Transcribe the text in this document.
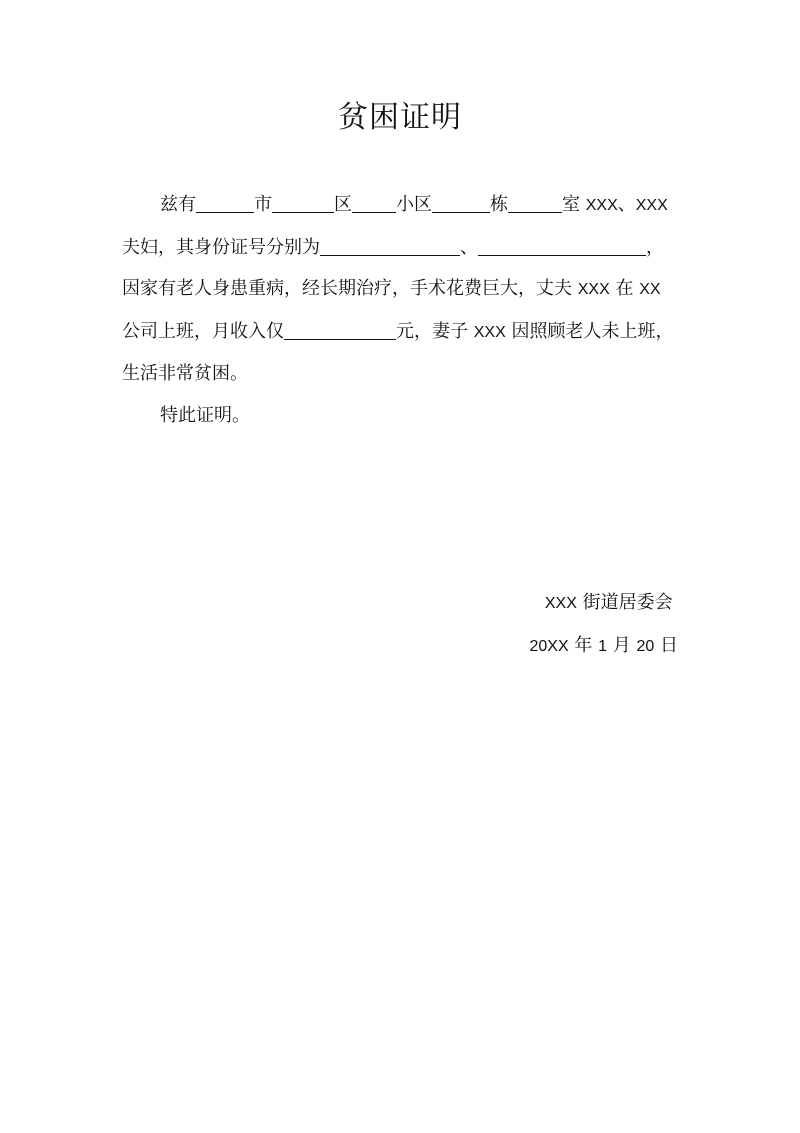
贫困证明
兹有	市	区 小区	栋	室 XXX、XXX
夫妇，其身份证号分别为	、	，
因家有老人身患重病，经长期治疗，手术花费巨大，丈夫 XXX 在 XX
公司上班，月收入仅	元，妻子 XXX 因照顾老人未上班，
生活非常贫困。
特此证明。
XXX 街道居委会
20XX 年 1 月 20 日
